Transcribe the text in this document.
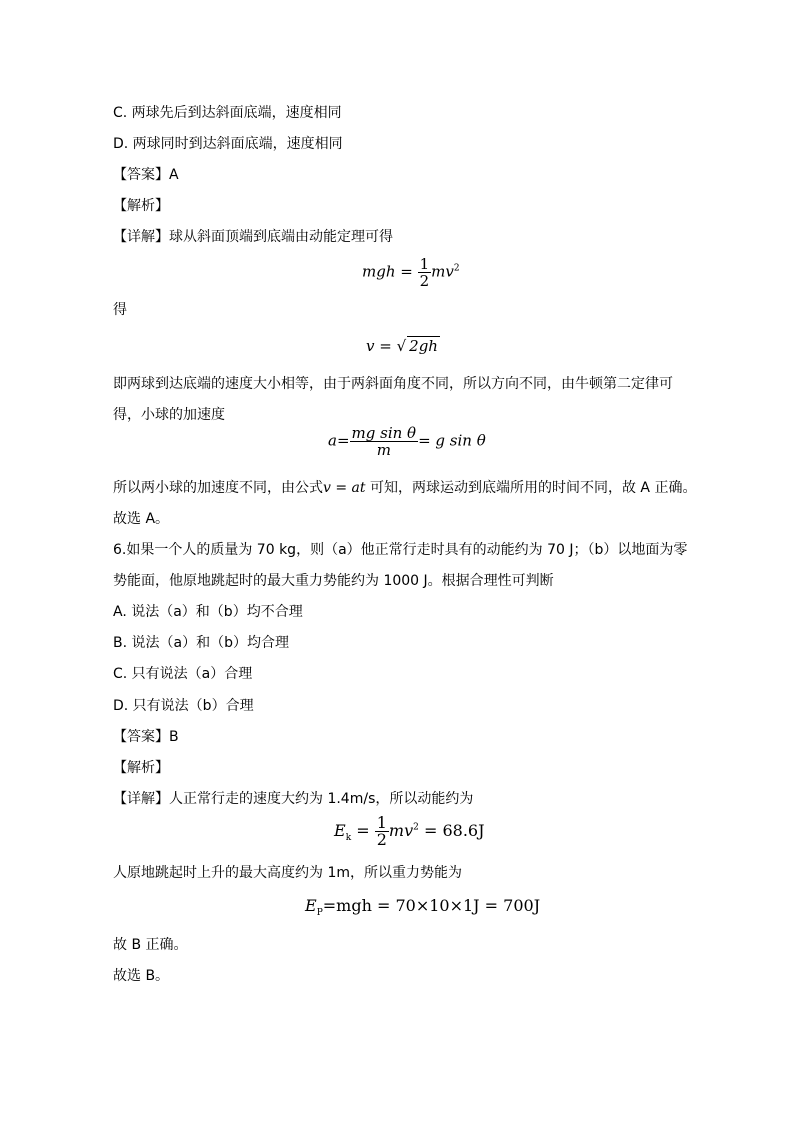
C. 两球先后到达斜面底端，速度相同
D. 两球同时到达斜面底端，速度相同
【答案】A
【解析】
【详解】球从斜面顶端到底端由动能定理可得
mgh = $\frac{1}{2} mv^2$
得
v = √ 2gh
即两球到达底端的速度大小相等，由于两斜面角度不同，所以方向不同，由牛顿第二定律可
得，小球的加速度
$a= \frac{\text{mg sin θ}}{m} = g$ sin θ
所以两小球的加速度不同，由公式v = at 可知，两球运动到底端所用的时间不同，故 A 正确。
故选 A。
6.如果一个人的质量为 70 kg，则（a）他正常行走时具有的动能约为 70 J；（b）以地面为零
势能面，他原地跳起时的最大重力势能约为 1000 J。根据合理性可判断
A. 说法（a）和（b）均不合理
B. 说法（a）和（b）均合理
C. 只有说法（a）合理
D. 只有说法（b）合理
【答案】B
【解析】
【详解】人正常行走的速度大约为 1.4m/s，所以动能约为
$E_k = \frac{1}{2} mv^2 = 68.6J$
人原地跳起时上升的最大高度约为 1m，所以重力势能为
$E_P=mgh = 70\times 10\times 1J = 700J$
故 B 正确。
故选 B。
